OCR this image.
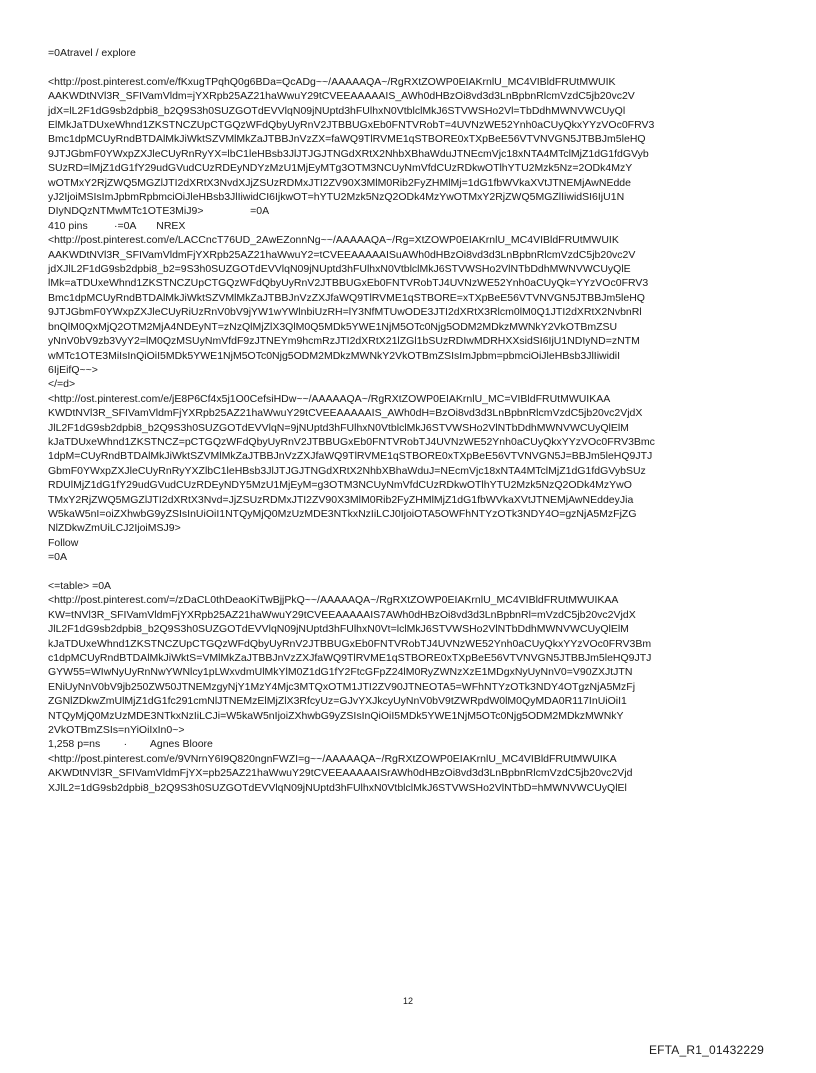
=0Atravel / explore
<http://post.pinterest.com/e/fKxugTPqhQ0g6BDa=QcADg~~/AAAAAQA~/RgRXtZOWP0EIAKrnlU_MC4VIBldFRUtMWUIK
AAKWDtNVl3R_SFIVamVldm=jYXRpb25AZ21haWwuY29tCVEEAAAAAIS_AWh0dHBzOi8vd3d3LnBpbnRlcmVzdC5jb20vc2V
jdX=lL2F1dG9sb2dpbi8_b2Q9S3h0SUZGOTdEVVlqN09jNUptd3hFUlhxN0VtblclMkJ6STVWSHo2Vl=TbDdhMWNVWCUyQl
ElMkJaTDUxeWhnd1ZKSTNCZUpCTGQzWFdQbyUyRnV2JTBBUGxEb0FNTVRobT=4UVNzWE52Ynh0aCUyQkxYYzVOc0FRV3
Bmc1dpMCUyRndBTDAlMkJiWktSZVMlMkZaJTBBJnVzZX=faWQ9TlRVME1qSTBORE0xTXpBeE56VTVNVGN5JTBBJm5leHQ
9JTJGbmF0YWxpZXJleCUyRnRyYX=lbC1leHBsb3JlJTJGJTNGdXRtX2NhbXBhaWduJTNEcmVjc18xNTA4MTclMjZ1dG1fdGVyb
SUzRD=lMjZ1dG1fY29udGVudCUzRDEyNDYzMzU1MjEyMTg3OTM3NCUyNmVfdCUzRDkwOTlhYTU2Mzk5Nz=2ODk4MzY
wOTMxY2RjZWQ5MGZlJTI2dXRtX3NvdXJjZSUzRDMxJTI2ZV90X3MlM0Rib2FyZHMlMj=1dG1fbWVkaXVtJTNEMjAwNEdde
yJ2IjoiMSIsImJpbmRpbmciOiJleHBsb3JlIiwidCI6IjkwOT=hYTU2Mzk5NzQ2ODk4MzYwOTMxY2RjZWQ5MGZlIiwidSI6IjU1N
DIyNDQzNTMwMTc1OTE3MiJ9>                =0A
410 pins         ·=0A       NREX
<http://post.pinterest.com/e/LACCncT76UD_2AwEZonnNg~~/AAAAAQA~/Rg=XtZOWP0EIAKrnlU_MC4VIBldFRUtMWUIK
AAKWDtNVl3R_SFIVamVldmFjYXRpb25AZ21haWwuY2=tCVEEAAAAAISuAWh0dHBzOi8vd3d3LnBpbnRlcmVzdC5jb20vc2V
jdXJlL2F1dG9sb2dpbi8_b2=9S3h0SUZGOTdEVVlqN09jNUptd3hFUlhxN0VtblclMkJ6STVWSHo2VlNTbDdhMWNVWCUyQlE
lMk=aTDUxeWhnd1ZKSTNCZUpCTGQzWFdQbyUyRnV2JTBBUGxEb0FNTVRobTJ4UVNzWE52Ynh0aCUyQk=YYzVOc0FRV3
Bmc1dpMCUyRndBTDAlMkJiWktSZVMlMkZaJTBBJnVzZXJfaWQ9TlRVME1qSTBORE=xTXpBeE56VTVNVGN5JTBBJm5leHQ
9JTJGbmF0YWxpZXJleCUyRiUzRnV0bV9jYW1wYWlnbiUzRH=lY3NfMTUwODE3JTI2dXRtX3Rlcm0lM0Q1JTI2dXRtX2NvbnRl
bnQlM0QxMjQ2OTM2MjA4NDEyNT=zNzQlMjZlX3QlM0Q5MDk5YWE1NjM5OTc0Njg5ODM2MDkzMWNkY2VkOTBmZSU
yNnV0bV9zb3VyY2=lM0QzMSUyNmVfdF9zJTNEYm9hcmRzJTI2dXRtX21lZGl1bSUzRDIwMDRHXXsidSI6IjU1NDIyND=zNTM
wMTc1OTE3MiIsInQiOiI5MDk5YWE1NjM5OTc0Njg5ODM2MDkzMWNkY2VkOTBmZSIsImJpbm=pbmciOiJleHBsb3JlIiwidiI
6IjEifQ~~>
</=d>
<http://ost.pinterest.com/e/jE8P6Cf4x5j1O0CefsiHDw~~/AAAAAQA~/RgRXtZOWP0EIAKrnlU_MC=VIBldFRUtMWUIKAA
KWDtNVl3R_SFIVamVldmFjYXRpb25AZ21haWwuY29tCVEEAAAAAIS_AWh0dH=BzOi8vd3d3LnBpbnRlcmVzdC5jb20vc2VjdX
JlL2F1dG9sb2dpbi8_b2Q9S3h0SUZGOTdEVVlqN=9jNUptd3hFUlhxN0VtblclMkJ6STVWSHo2VlNTbDdhMWNVWCUyQlElM
kJaTDUxeWhnd1ZKSTNCZ=pCTGQzWFdQbyUyRnV2JTBBUGxEb0FNTVRobTJ4UVNzWE52Ynh0aCUyQkxYYzVOc0FRV3Bmc
1dpM=CUyRndBTDAlMkJiWktSZVMlMkZaJTBBJnVzZXJfaWQ9TlRVME1qSTBORE0xTXpBeE56VTVNVGN5J=BBJm5leHQ9JTJ
GbmF0YWxpZXJleCUyRnRyYXZlbC1leHBsb3JlJTJGJTNGdXRtX2NhbXBhaWduJ=NEcmVjc18xNTA4MTclMjZ1dG1fdGVybSUz
RDUlMjZ1dG1fY29udGVudCUzRDEyNDY5MzU1MjEyM=g3OTM3NCUyNmVfdCUzRDkwOTlhYTU2Mzk5NzQ2ODk4MzYwO
TMxY2RjZWQ5MGZlJTI2dXRtX3Nvd=JjZSUzRDMxJTI2ZV90X3MlM0Rib2FyZHMlMjZ1dG1fbWVkaXVtJTNEMjAwNEddeyJia
W5kaW5nI=oiZXhwbG9yZSIsInUiOiI1NTQyMjQ0MzUzMDE3NTkxNzIiLCJ0IjoiOTA5OWFhNTYzOTk3NDY4O=gzNjA5MzFjZG
NlZDkwZmUiLCJ2IjoiMSJ9>
Follow
=0A
<=table> =0A
<http://post.pinterest.com/=/zDaCL0thDeaoKiTwBjjPkQ~~/AAAAAQA~/RgRXtZOWP0EIAKrnlU_MC4VIBldFRUtMWUIKAA
KW=tNVl3R_SFIVamVldmFjYXRpb25AZ21haWwuY29tCVEEAAAAAIS7AWh0dHBzOi8vd3d3LnBpbnRl=mVzdC5jb20vc2VjdX
JlL2F1dG9sb2dpbi8_b2Q9S3h0SUZGOTdEVVlqN09jNUptd3hFUlhxN0Vt=lclMkJ6STVWSHo2VlNTbDdhMWNVWCUyQlElM
kJaTDUxeWhnd1ZKSTNCZUpCTGQzWFdQbyUyRnV2JTBBUGxEb0FNTVRobTJ4UVNzWE52Ynh0aCUyQkxYYzVOc0FRV3Bm
c1dpMCUyRndBTDAlMkJiWktS=VMlMkZaJTBBJnVzZXJfaWQ9TlRVME1qSTBORE0xTXpBeE56VTVNVGN5JTBBJm5leHQ9JTJ
GYW55=WIwNyUyRnNwYWNlcy1pLWxvdmUlMkYlM0Z1dG1fY2FtcGFpZ24lM0RyZWNzXzE1MDgxNyUyNnV0=V90ZXJtJTN
ENiUyNnV0bV9jb250ZW50JTNEMzgyNjY1MzY4Mjc3MTQxOTM1JTI2ZV90JTNEOTA5=WFhNTYzOTk3NDY4OTgzNjA5MzFj
ZGNlZDkwZmUlMjZ1dG1fc291cmNlJTNEMzElMjZlX3RfcyUz=GJvYXJkcyUyNnV0bV9tZWRpdW0lM0QyMDA0R117InUiOiI1
NTQyMjQ0MzUzMDE3NTkxNzIiLCJi=W5kaW5nIjoiZXhwbG9yZSIsInQiOiI5MDk5YWE1NjM5OTc0Njg5ODM2MDkzMWNkY
2VkOTBmZSIs=nYiOiIxIn0~>
1,258 p=ns        ·        Agnes Bloore
<http://post.pinterest.com/e/9VNrnY6I9Q820ngnFWZI=g~~/AAAAAQA~/RgRXtZOWP0EIAKrnlU_MC4VIBldFRUtMWUIKA
AKWDtNVl3R_SFIVamVldmFjYX=pb25AZ21haWwuY29tCVEEAAAAAISrAWh0dHBzOi8vd3d3LnBpbnRlcmVzdC5jb20vc2Vjd
XJlL2=1dG9sb2dpbi8_b2Q9S3h0SUZGOTdEVVlqN09jNUptd3hFUlhxN0VtblclMkJ6STVWSHo2VlNTbD=hMWNVWCUyQlEl
12
EFTA_R1_01432229
